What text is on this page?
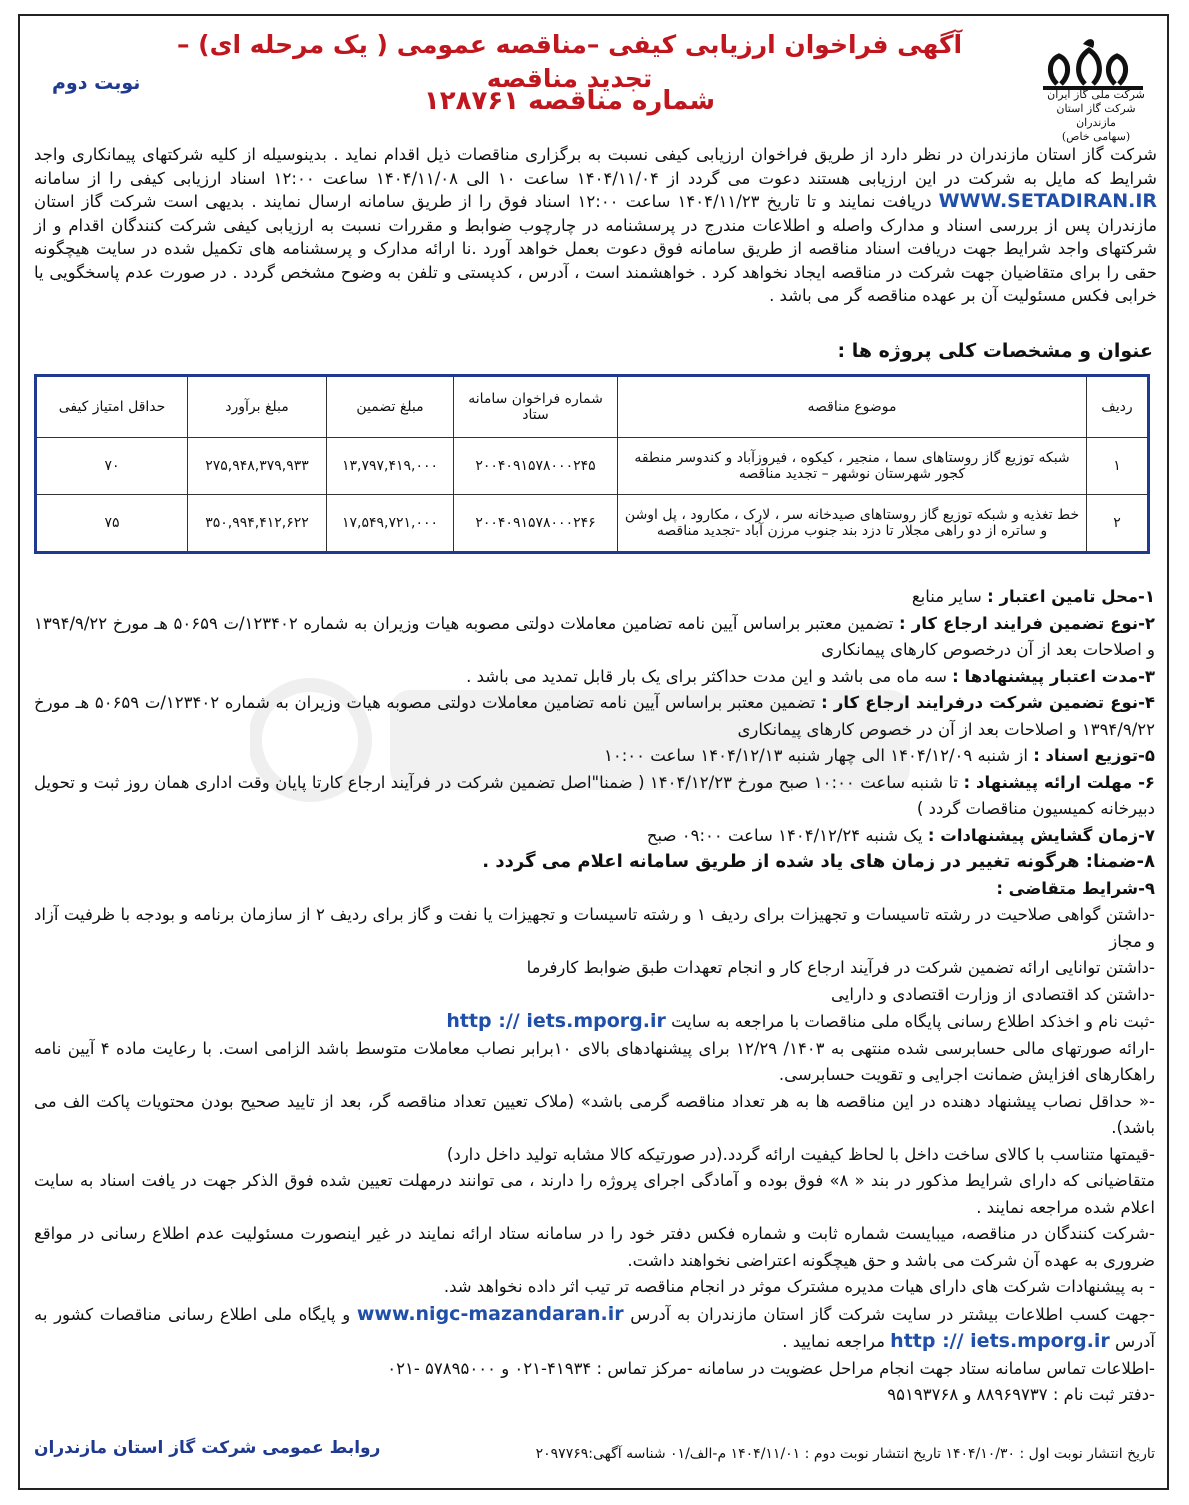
شرکت ملی گاز ایران
شرکت گاز استان مازندران
(سهامی خاص)
آگهی فراخوان ارزیابی کیفی –مناقصه عمومی ( یک مرحله ای) – تجدید مناقصه
شماره مناقصه ۱۲۸۷۶۱
نوبت دوم
شرکت گاز استان مازندران در نظر دارد از طریق فراخوان ارزیابی کیفی نسبت به برگزاری مناقصات ذیل اقدام نماید . بدینوسیله از کلیه شرکتهای پیمانکاری واجد شرایط که مایل به شرکت در این ارزیابی هستند دعوت می گردد از ۱۴۰۴/۱۱/۰۴ ساعت ۱۰ الی ۱۴۰۴/۱۱/۰۸ ساعت ۱۲:۰۰ اسناد ارزیابی کیفی را از سامانه WWW.SETADIRAN.IR دریافت نمایند و تا تاریخ ۱۴۰۴/۱۱/۲۳ ساعت ۱۲:۰۰ اسناد فوق را از طریق سامانه ارسال نمایند . بدیهی است شرکت گاز استان مازندران پس از بررسی اسناد و مدارک واصله و اطلاعات مندرج در پرسشنامه در چارچوب ضوابط و مقررات نسبت به ارزیابی کیفی شرکت کنندگان اقدام و از شرکتهای واجد شرایط جهت دریافت اسناد مناقصه از طریق سامانه فوق دعوت بعمل خواهد آورد .نا ارائه مدارک و پرسشنامه های تکمیل شده در سایت هیچگونه حقی را برای متقاضیان جهت شرکت در مناقصه ایجاد نخواهد کرد . خواهشمند است ، آدرس ، کدپستی و تلفن به وضوح مشخص گردد . در صورت عدم پاسخگویی یا خرابی فکس مسئولیت آن بر عهده مناقصه گر می باشد .
عنوان و مشخصات کلی پروژه ها :
ردیف	موضوع مناقصه	شماره فراخوان سامانه ستاد	مبلغ تضمین	مبلغ برآورد	حداقل امتیاز کیفی
۱	شبکه توزیع گاز روستاهای سما ، منجیر ، کیکوه ، فیروزآباد و کندوسر منطقه کجور شهرستان نوشهر – تجدید مناقصه	۲۰۰۴۰۹۱۵۷۸۰۰۰۲۴۵	۱۳,۷۹۷,۴۱۹,۰۰۰	۲۷۵,۹۴۸,۳۷۹,۹۳۳	۷۰
۲	خط تغذیه و شبکه توزیع گاز روستاهای صیدخانه سر ، لارک ، مکارود ، پل اوشن و ساتره از دو راهی مجلار تا دزد بند جنوب مرزن آباد -تجدید مناقصه	۲۰۰۴۰۹۱۵۷۸۰۰۰۲۴۶	۱۷,۵۴۹,۷۲۱,۰۰۰	۳۵۰,۹۹۴,۴۱۲,۶۲۲	۷۵

۱-محل تامین اعتبار : سایر منابع

۲-نوع تضمین فرایند ارجاع کار : تضمین معتبر براساس آیین نامه تضامین معاملات دولتی مصوبه هیات وزیران به شماره ۱۲۳۴۰۲/ت ۵۰۶۵۹ هـ مورخ ۱۳۹۴/۹/۲۲ و اصلاحات بعد از آن درخصوص کارهای پیمانکاری

۳-مدت اعتبار پیشنهادها : سه ماه می باشد و این مدت حداکثر برای یک بار قابل تمدید می باشد .

۴-نوع تضمین شرکت درفرایند ارجاع کار : تضمین معتبر براساس آیین نامه تضامین معاملات دولتی مصوبه هیات وزیران به شماره ۱۲۳۴۰۲/ت ۵۰۶۵۹ هـ مورخ ۱۳۹۴/۹/۲۲ و اصلاحات بعد از آن در خصوص کارهای پیمانکاری

۵-توزیع اسناد : از شنبه ۱۴۰۴/۱۲/۰۹ الی چهار شنبه ۱۴۰۴/۱۲/۱۳ ساعت ۱۰:۰۰

۶- مهلت ارائه پیشنهاد : تا شنبه ساعت ۱۰:۰۰ صبح مورخ ۱۴۰۴/۱۲/۲۳ ( ضمنا"اصل تضمین شرکت در فرآیند ارجاع کارتا پایان وقت اداری همان روز ثبت و تحویل دبیرخانه کمیسیون مناقصات گردد )

۷-زمان گشایش پیشنهادات : یک شنبه ۱۴۰۴/۱۲/۲۴ ساعت ۰۹:۰۰ صبح

۸-ضمنا: هرگونه تغییر در زمان های یاد شده از طریق سامانه اعلام می گردد .

۹-شرایط متقاضی :

-داشتن گواهی صلاحیت در رشته تاسیسات و تجهیزات برای ردیف ۱ و رشته تاسیسات و تجهیزات یا نفت و گاز برای ردیف ۲ از سازمان برنامه و بودجه با ظرفیت آزاد و مجاز

-داشتن توانایی ارائه تضمین شرکت در فرآیند ارجاع کار و انجام تعهدات طبق ضوابط کارفرما

-داشتن کد اقتصادی از وزارت اقتصادی و دارایی

-ثبت نام و اخذکد اطلاع رسانی پایگاه ملی مناقصات با مراجعه به سایت http :// iets.mporg.ir

-ارائه صورتهای مالی حسابرسی شده منتهی به ۱۴۰۳/ ۱۲/۲۹ برای پیشنهادهای بالای ۱۰برابر نصاب معاملات متوسط باشد الزامی است. با رعایت ماده ۴ آیین نامه راهکارهای افزایش ضمانت اجرایی و تقویت حسابرسی.

-« حداقل نصاب پیشنهاد دهنده در این مناقصه ها به هر تعداد مناقصه گرمی باشد» (ملاک تعیین تعداد مناقصه گر، بعد از تایید صحیح بودن محتویات پاکت الف می باشد).

-قیمتها متناسب با کالای ساخت داخل با لحاظ کیفیت ارائه گردد.(در صورتیکه کالا مشابه تولید داخل دارد)

متقاضیانی که دارای شرایط مذکور در بند « ۸» فوق بوده و آمادگی اجرای پروژه را دارند ، می توانند درمهلت تعیین شده فوق الذکر جهت در یافت اسناد به سایت اعلام شده مراجعه نمایند .

-شرکت کنندگان در مناقصه، میبایست شماره ثابت و شماره فکس دفتر خود را در سامانه ستاد ارائه نمایند در غیر اینصورت مسئولیت عدم اطلاع رسانی در مواقع ضروری به عهده آن شرکت می باشد و حق هیچگونه اعتراضی نخواهند داشت.

- به پیشنهادات شرکت های دارای هیات مدیره مشترک موثر در انجام مناقصه تر تیب اثر داده نخواهد شد.

-جهت کسب اطلاعات بیشتر در سایت شرکت گاز استان مازندران به آدرس www.nigc-mazandaran.ir و پایگاه ملی اطلاع رسانی مناقصات کشور به آدرس http :// iets.mporg.ir مراجعه نمایید .

-اطلاعات تماس سامانه ستاد جهت انجام مراحل عضویت در سامانه -مرکز تماس : ۴۱۹۳۴-۰۲۱ و ۵۷۸۹۵۰۰۰ -۰۲۱

-دفتر ثبت نام : ۸۸۹۶۹۷۳۷ و ۹۵۱۹۳۷۶۸

تاریخ انتشار نوبت اول : ۱۴۰۴/۱۰/۳۰ تاریخ انتشار نوبت دوم : ۱۴۰۴/۱۱/۰۱ م-الف/۰۱ شناسه آگهی:۲۰۹۷۷۶۹
روابط عمومی شرکت گاز استان مازندران
